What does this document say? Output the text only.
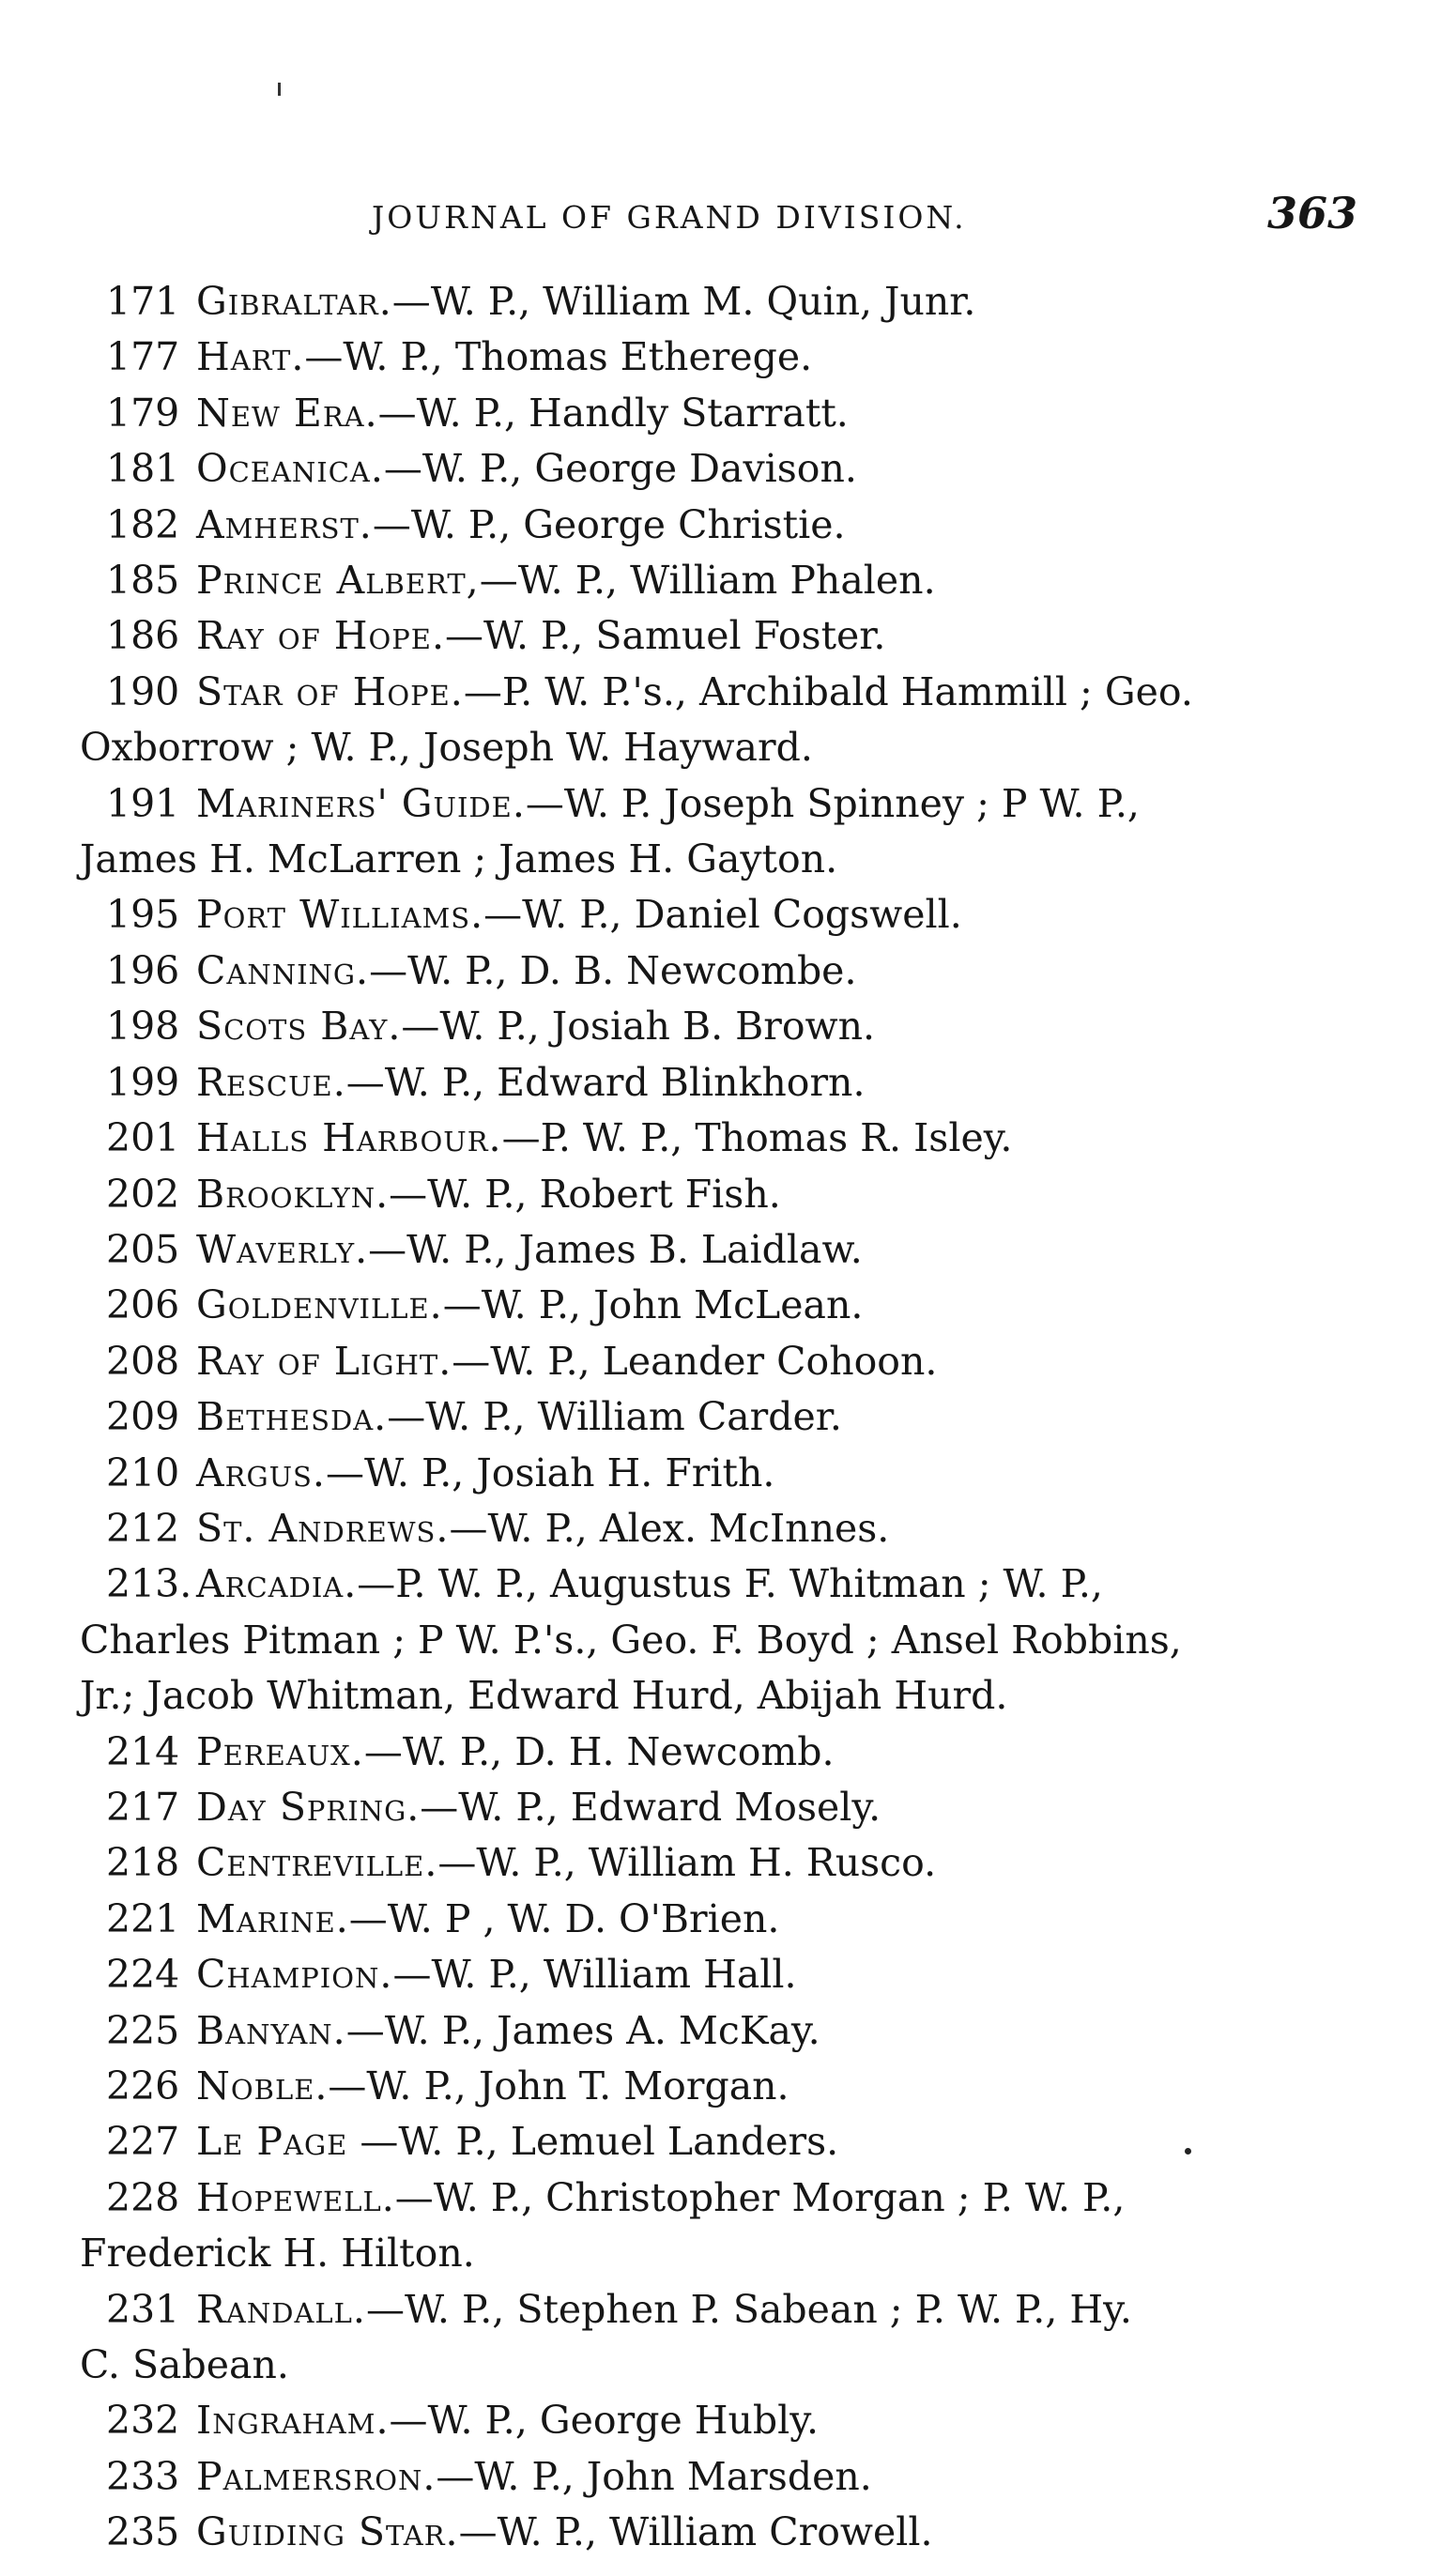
JOURNAL OF GRAND DIVISION.	363
171 Gibraltar.—W. P., William M. Quin, Junr.
177 Hart.—W. P., Thomas Etherege.
179 New Era.—W. P., Handly Starratt.
181 Oceanica.—W. P., George Davison.
182 Amherst.—W. P., George Christie.
185 Prince Albert,—W. P., William Phalen.
186 Ray of Hope.—W. P., Samuel Foster.
190 Star of Hope.—P. W. P.'s., Archibald Hammill ; Geo.
Oxborrow ; W. P., Joseph W. Hayward.
191 Mariners' Guide.—W. P. Joseph Spinney ; P W. P.,
James H. McLarren ; James H. Gayton.
195 Port Williams.—W. P., Daniel Cogswell.
196 Canning.—W. P., D. B. Newcombe.
198 Scots Bay.—W. P., Josiah B. Brown.
199 Rescue.—W. P., Edward Blinkhorn.
201 Halls Harbour.—P. W. P., Thomas R. Isley.
202 Brooklyn.—W. P., Robert Fish.
205 Waverly.—W. P., James B. Laidlaw.
206 Goldenville.—W. P., John McLean.
208 Ray of Light.—W. P., Leander Cohoon.
209 Bethesda.—W. P., William Carder.
210 Argus.—W. P., Josiah H. Frith.
212 St. Andrews.—W. P., Alex. McInnes.
213. Arcadia.—P. W. P., Augustus F. Whitman ; W. P.,
Charles Pitman ; P W. P.'s., Geo. F. Boyd ; Ansel Robbins,
Jr.; Jacob Whitman, Edward Hurd, Abijah Hurd.
214 Pereaux.—W. P., D. H. Newcomb.
217 Day Spring.—W. P., Edward Mosely.
218 Centreville.—W. P., William H. Rusco.
221 Marine.—W. P , W. D. O'Brien.
224 Champion.—W. P., William Hall.
225 Banyan.—W. P., James A. McKay.
226 Noble.—W. P., John T. Morgan.
227 Le Page —W. P., Lemuel Landers.
228 Hopewell.—W. P., Christopher Morgan ; P. W. P.,
Frederick H. Hilton.
231 Randall.—W. P., Stephen P. Sabean ; P. W. P., Hy.
C. Sabean.
232 Ingraham.—W. P., George Hubly.
233 Palmersron.—W. P., John Marsden.
235 Guiding Star.—W. P., William Crowell.
